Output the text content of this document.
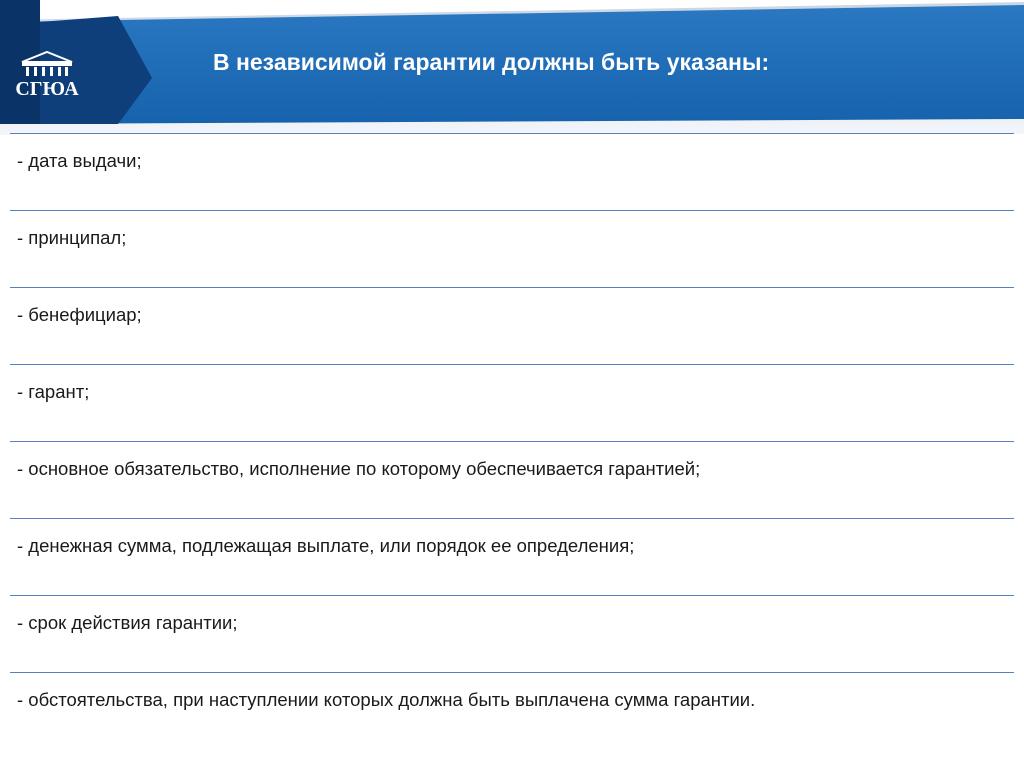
СГЮА
В независимой гарантии должны быть указаны:
- дата выдачи;
- принципал;
- бенефициар;
- гарант;
- основное обязательство, исполнение по которому обеспечивается гарантией;
- денежная сумма, подлежащая выплате, или порядок ее определения;
- срок действия гарантии;
- обстоятельства, при наступлении которых должна быть выплачена сумма гарантии.
